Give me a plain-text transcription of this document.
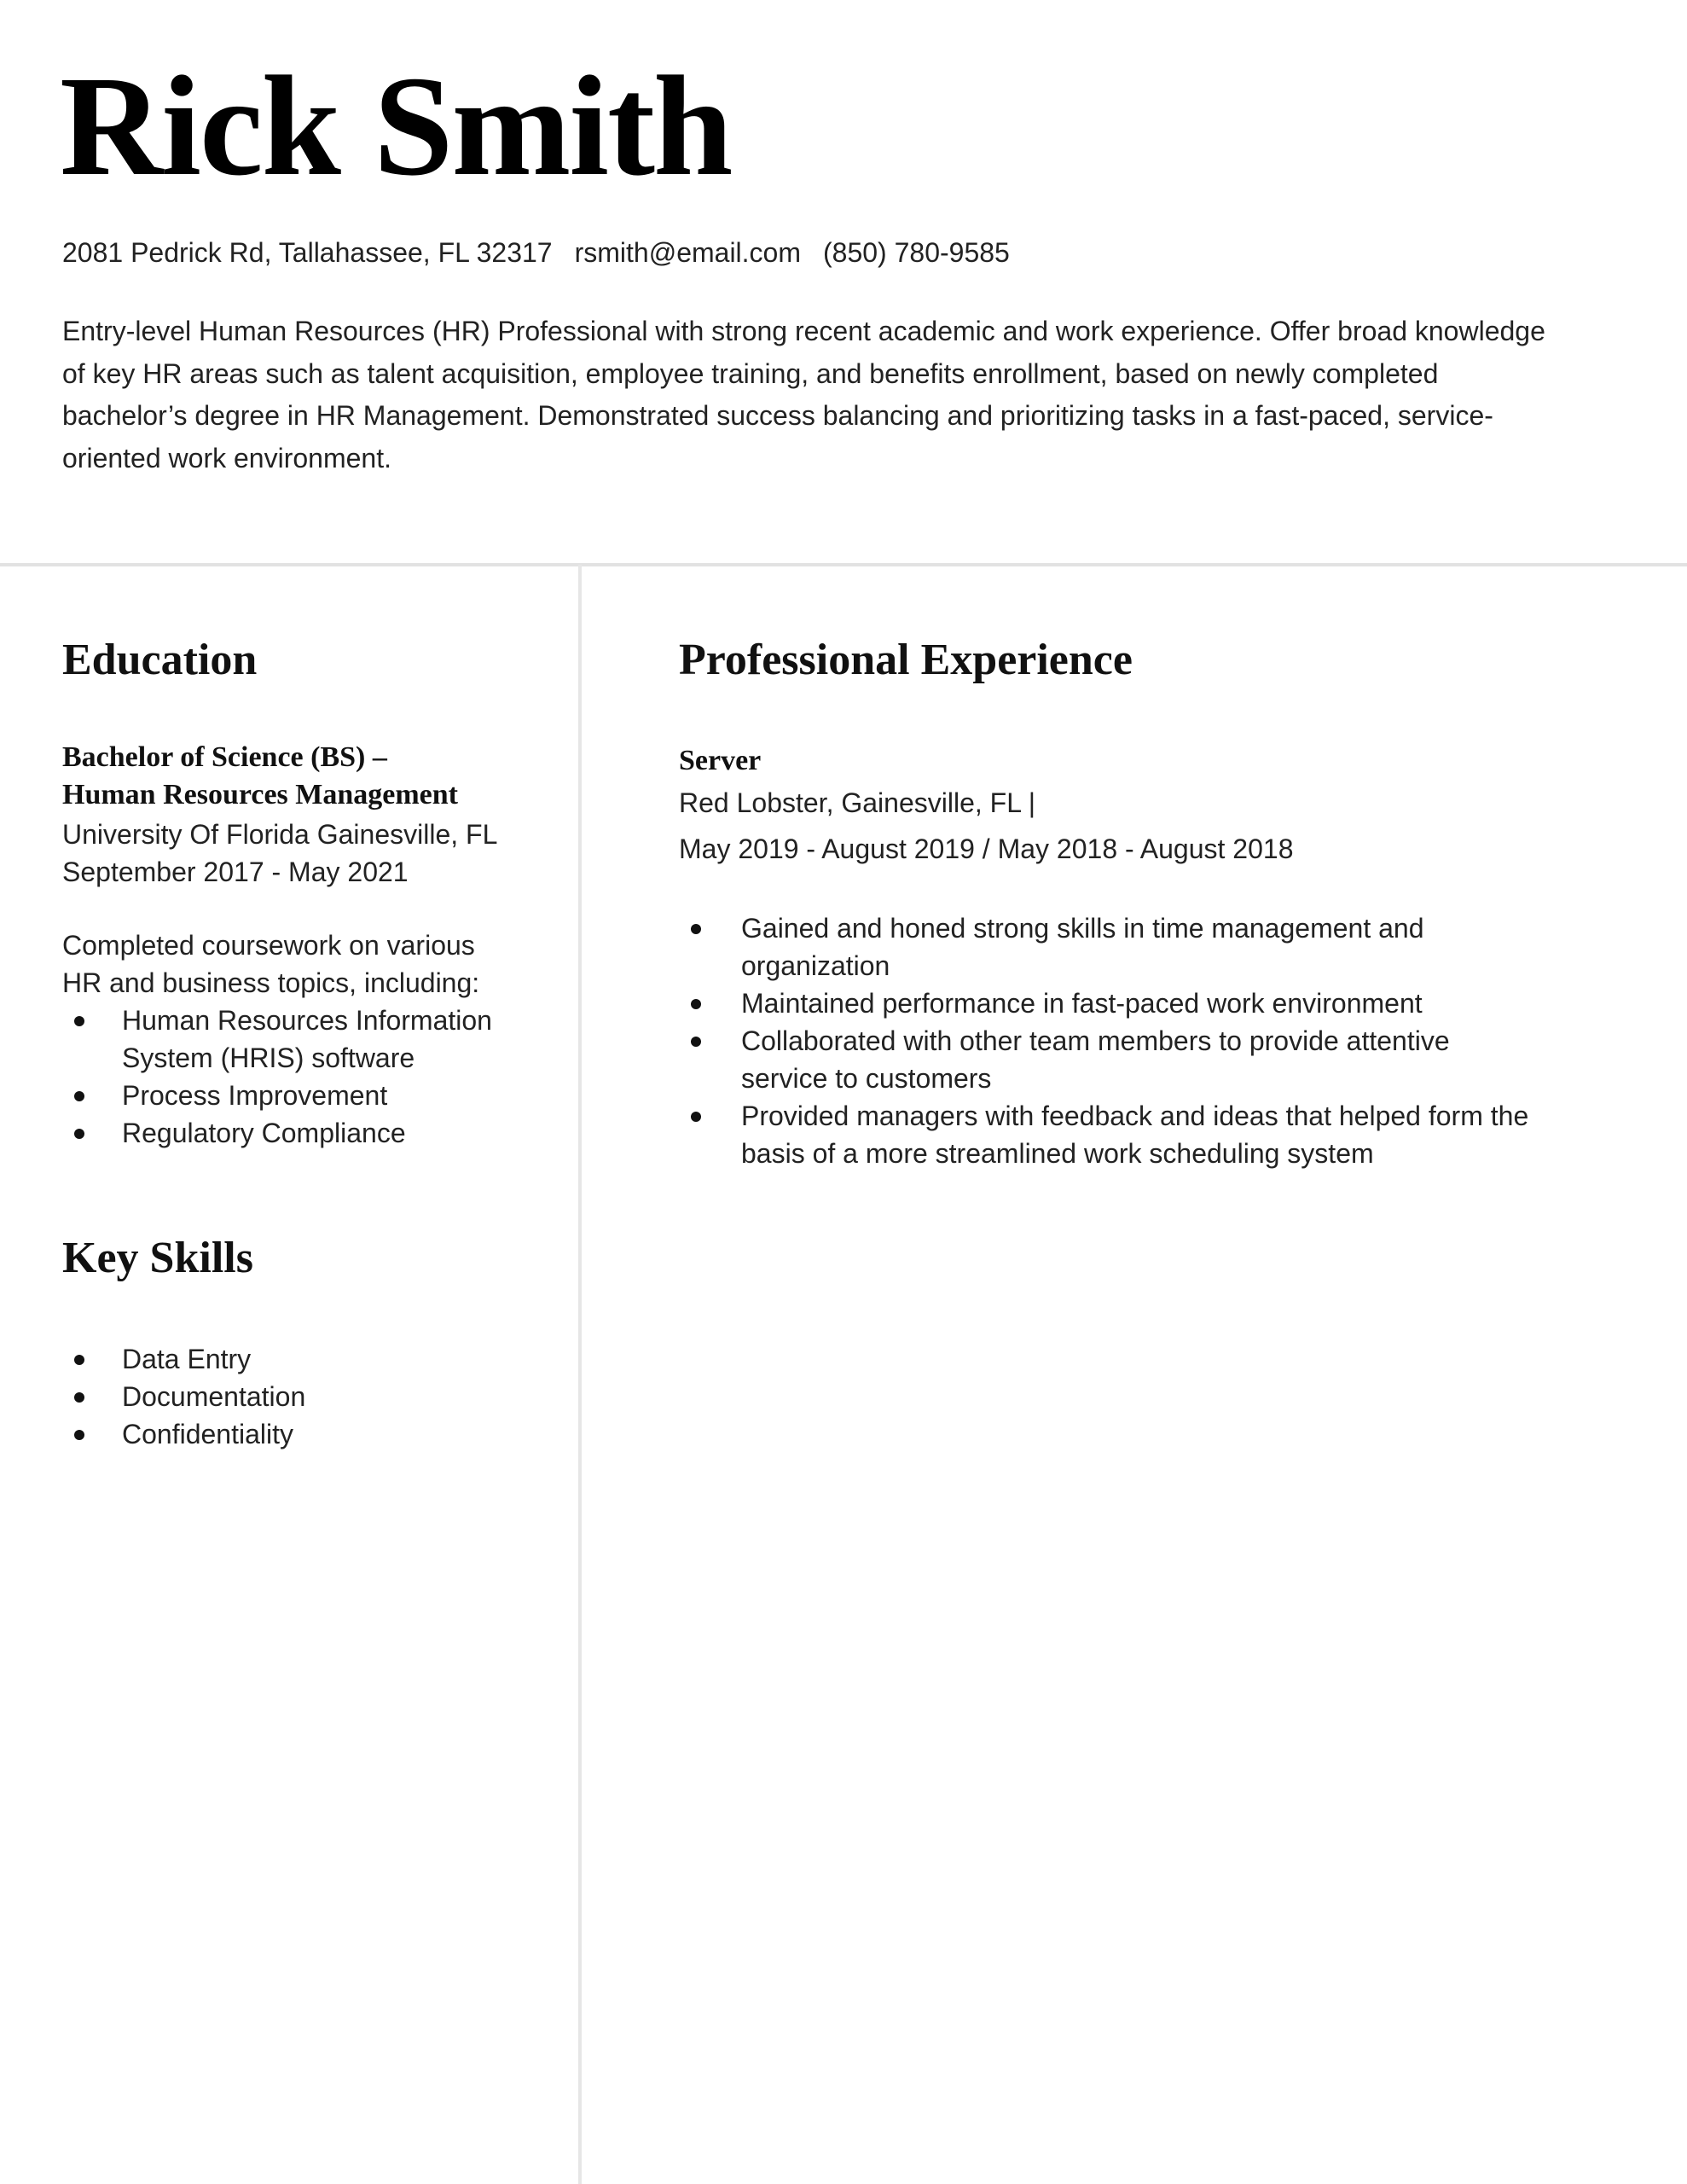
Rick Smith
2081 Pedrick Rd, Tallahassee, FL 32317 rsmith@email.com (850) 780-9585
Entry-level Human Resources (HR) Professional with strong recent academic and work experience. Offer broad knowledge of key HR areas such as talent acquisition, employee training, and benefits enrollment, based on newly completed bachelor’s degree in HR Management. Demonstrated success balancing and prioritizing tasks in a fast-paced, service-oriented work environment.
Education
Bachelor of Science (BS) –
Human Resources Management
University Of Florida Gainesville, FL
September 2017 - May 2021
Completed coursework on various HR and business topics, including:
Human Resources Information System (HRIS) software
Process Improvement
Regulatory Compliance
Key Skills
Data Entry
Documentation
Confidentiality
Professional Experience
Server
Red Lobster, Gainesville, FL |
May 2019 - August 2019 / May 2018 - August 2018
Gained and honed strong skills in time management and organization
Maintained performance in fast-paced work environment
Collaborated with other team members to provide attentive service to customers
Provided managers with feedback and ideas that helped form the basis of a more streamlined work scheduling system
